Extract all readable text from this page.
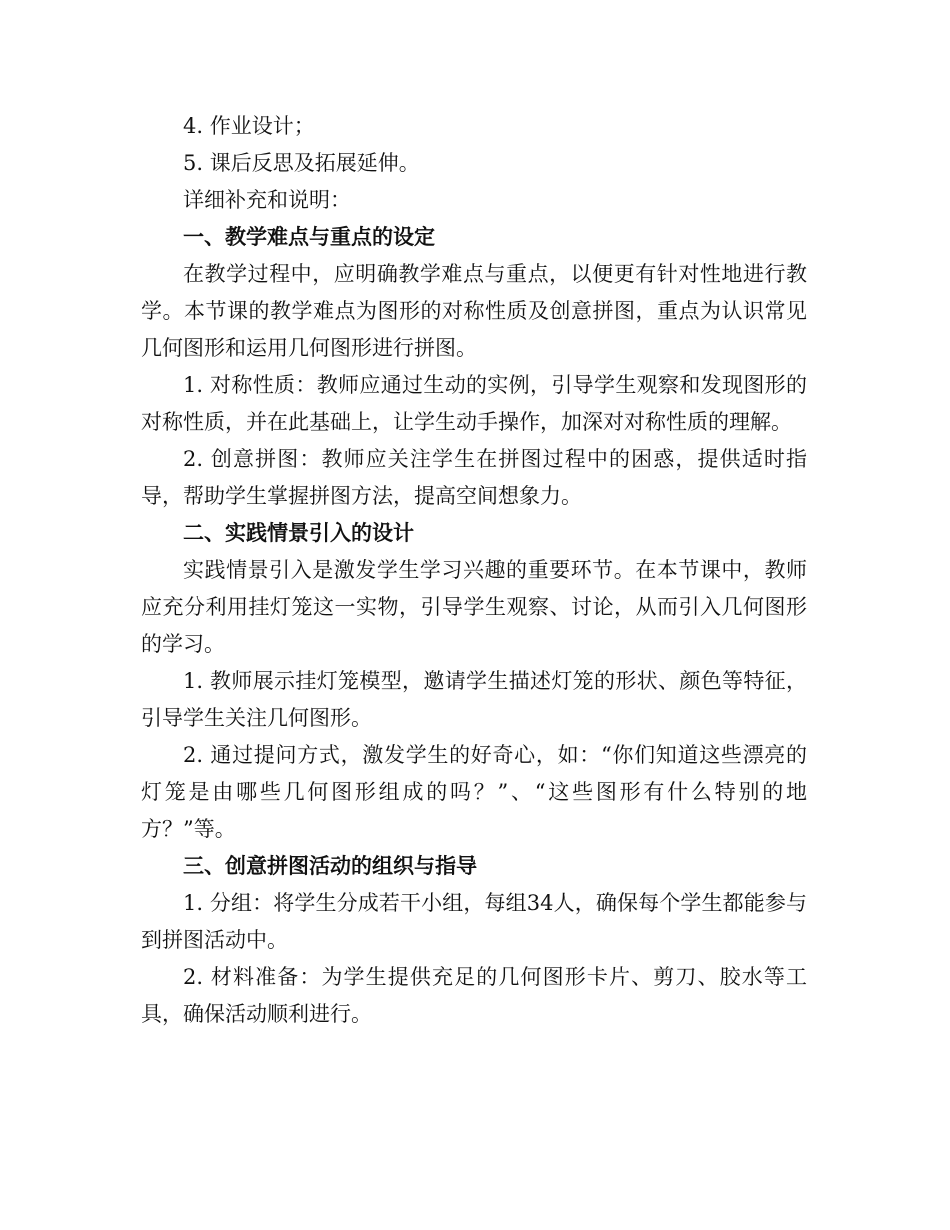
4. 作业设计；

5. 课后反思及拓展延伸。

详细补充和说明：

一、教学难点与重点的设定

在教学过程中，应明确教学难点与重点，以便更有针对性地进行教学。本节课的教学难点为图形的对称性质及创意拼图，重点为认识常见几何图形和运用几何图形进行拼图。

1. 对称性质：教师应通过生动的实例，引导学生观察和发现图形的对称性质，并在此基础上，让学生动手操作，加深对对称性质的理解。

2. 创意拼图：教师应关注学生在拼图过程中的困惑，提供适时指导，帮助学生掌握拼图方法，提高空间想象力。

二、实践情景引入的设计

实践情景引入是激发学生学习兴趣的重要环节。在本节课中，教师应充分利用挂灯笼这一实物，引导学生观察、讨论，从而引入几何图形的学习。

1. 教师展示挂灯笼模型，邀请学生描述灯笼的形状、颜色等特征，引导学生关注几何图形。

2. 通过提问方式，激发学生的好奇心，如：“你们知道这些漂亮的灯笼是由哪些几何图形组成的吗？”、“这些图形有什么特别的地方？”等。

三、创意拼图活动的组织与指导

1. 分组：将学生分成若干小组，每组34人，确保每个学生都能参与到拼图活动中。

2. 材料准备：为学生提供充足的几何图形卡片、剪刀、胶水等工具，确保活动顺利进行。
